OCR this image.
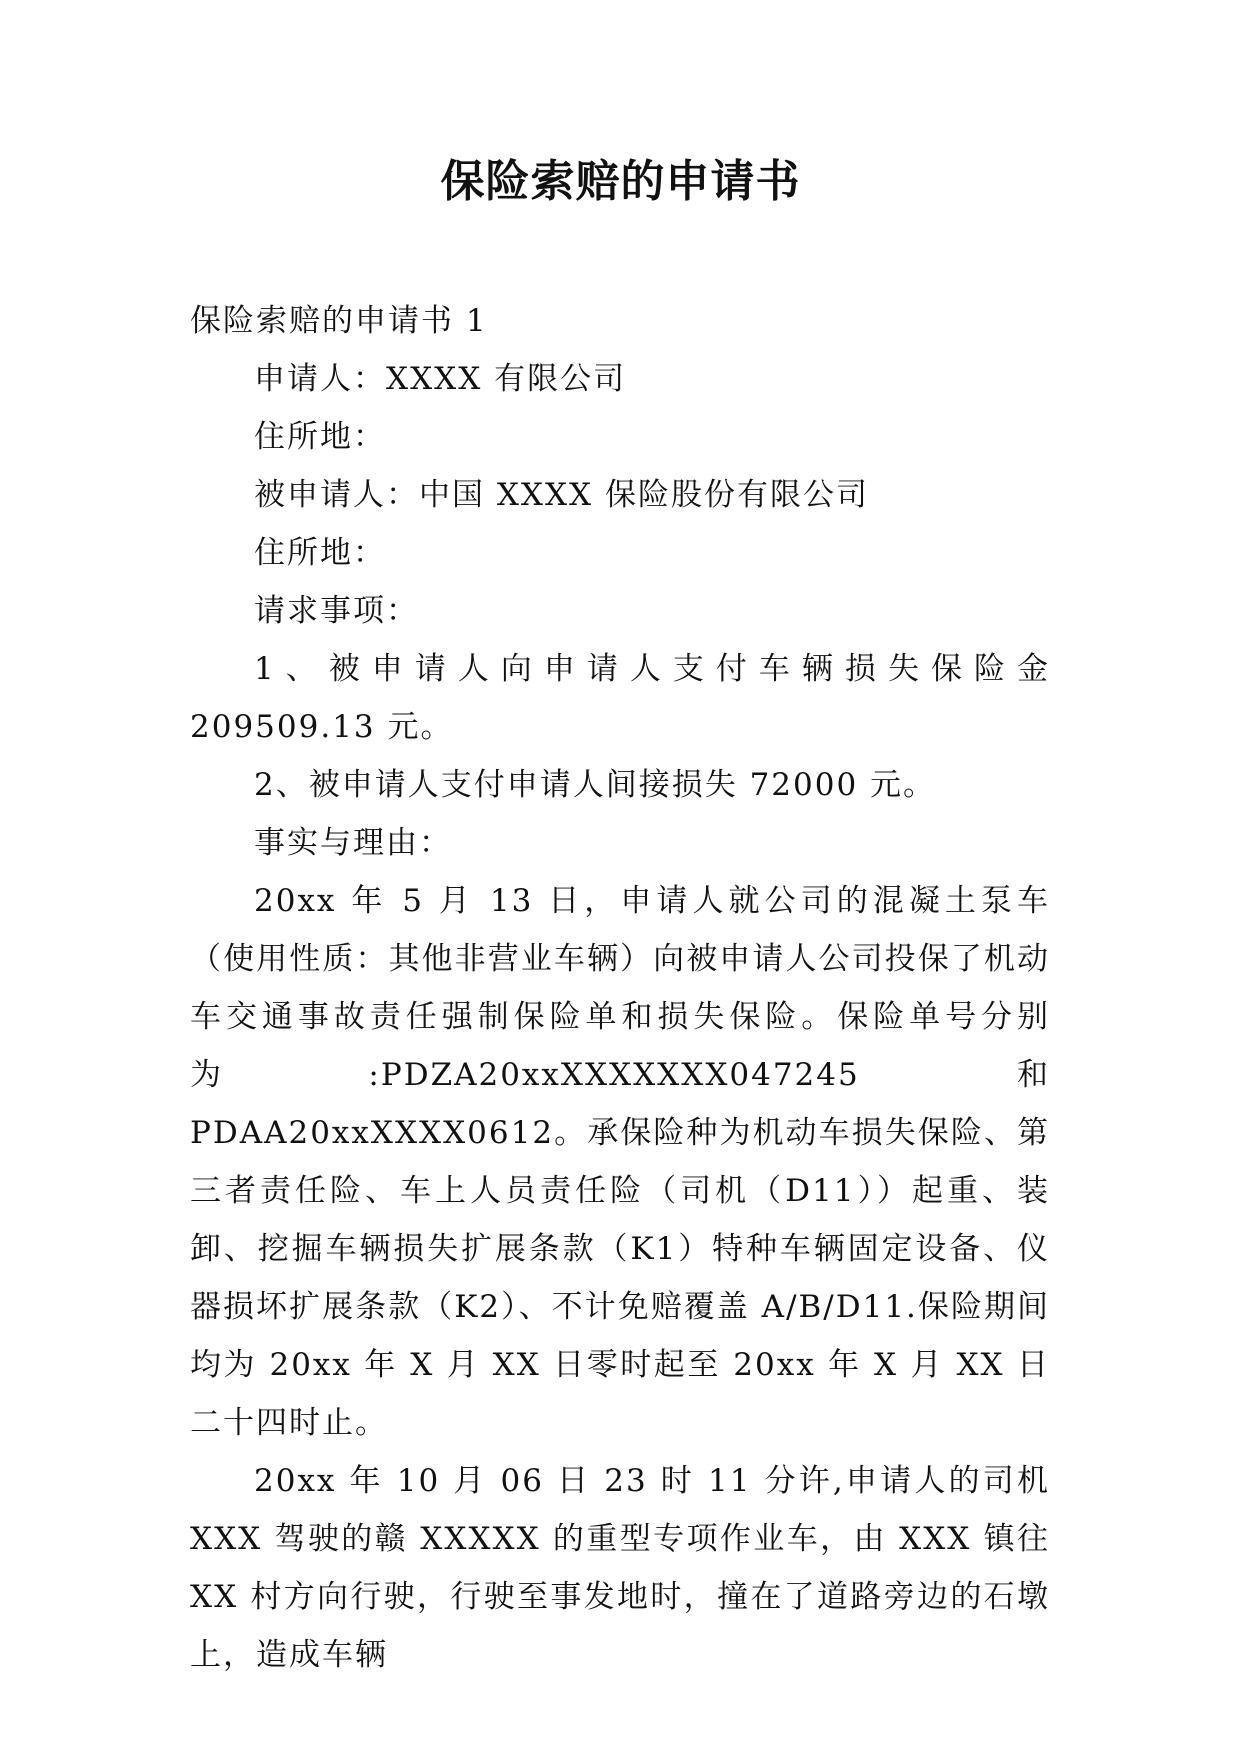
保险索赔的申请书

保险索赔的申请书 1

申请人：XXXX 有限公司

住所地：

被申请人：中国 XXXX 保险股份有限公司

住所地：

请求事项：

1、被申请人向申请人支付车辆损失保险金 209509.13 元。

2、被申请人支付申请人间接损失 72000 元。

事实与理由：

20xx 年 5 月 13 日，申请人就公司的混凝土泵车（使用性质：其他非营业车辆）向被申请人公司投保了机动车交通事故责任强制保险单和损失保险。保险单号分别为:PDZA20xxXXXXXXX047245 和 PDAA20xxXXXX0612。承保险种为机动车损失保险、第三者责任险、车上人员责任险（司机（D11））起重、装卸、挖掘车辆损失扩展条款（K1）特种车辆固定设备、仪器损坏扩展条款（K2）、不计免赔覆盖 A/B/D11.保险期间均为 20xx 年 X 月 XX 日零时起至 20xx 年 X 月 XX 日二十四时止。

20xx 年 10 月 06 日 23 时 11 分许,申请人的司机 XXX 驾驶的赣 XXXXX 的重型专项作业车，由 XXX 镇往 XX 村方向行驶，行驶至事发地时，撞在了道路旁边的石墩上，造成车辆
